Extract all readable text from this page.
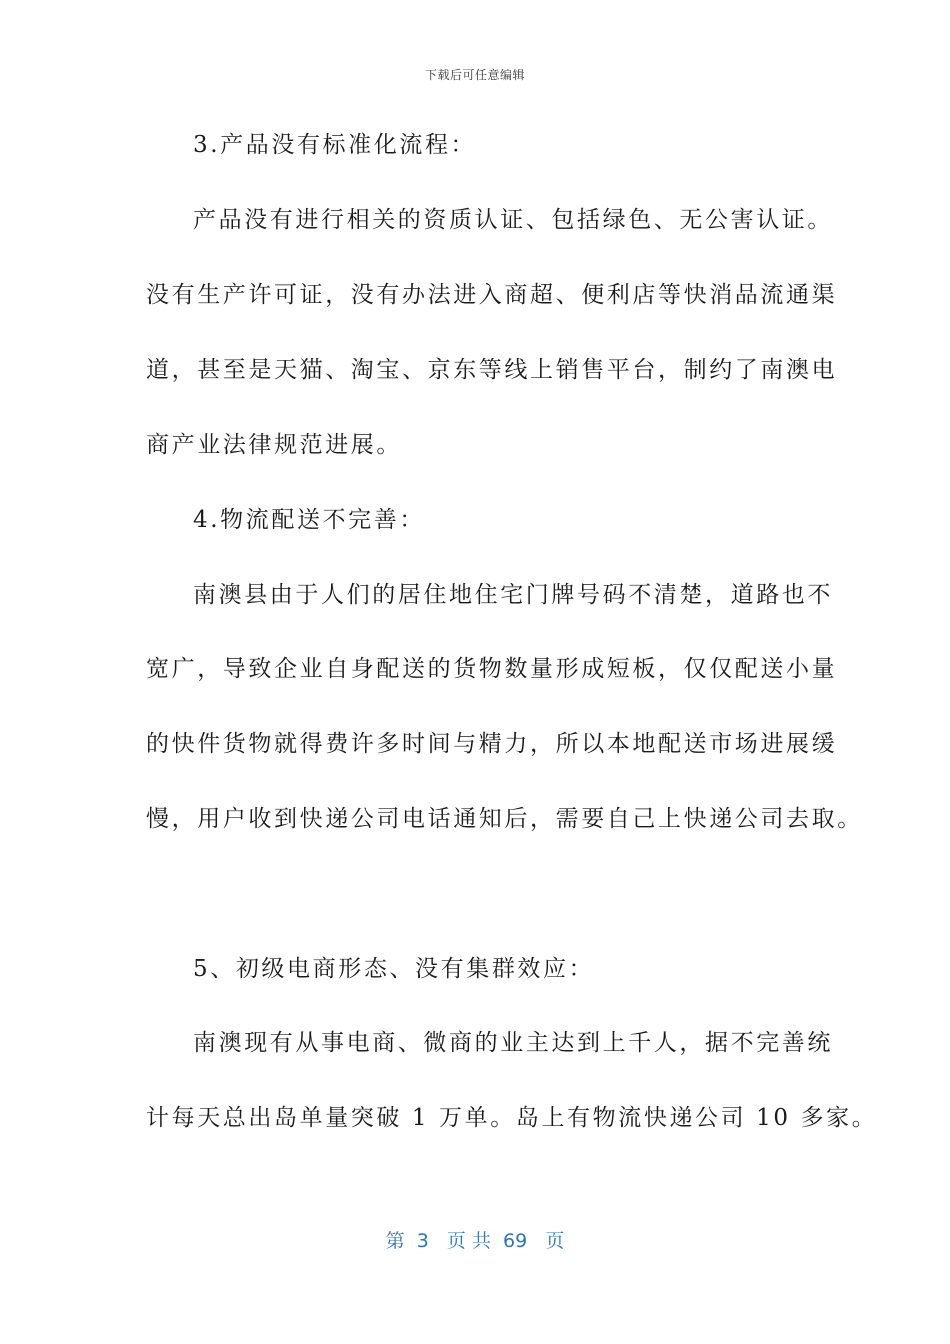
下载后可任意编辑
3.产品没有标准化流程：
产品没有进行相关的资质认证、包括绿色、无公害认证。
没有生产许可证，没有办法进入商超、便利店等快消品流通渠
道，甚至是天猫、淘宝、京东等线上销售平台，制约了南澳电
商产业法律规范进展。
4.物流配送不完善：
南澳县由于人们的居住地住宅门牌号码不清楚，道路也不
宽广，导致企业自身配送的货物数量形成短板，仅仅配送小量
的快件货物就得费许多时间与精力，所以本地配送市场进展缓
慢，用户收到快递公司电话通知后，需要自己上快递公司去取。
5、初级电商形态、没有集群效应：
南澳现有从事电商、微商的业主达到上千人，据不完善统
计每天总出岛单量突破 1 万单。岛上有物流快递公司 10 多家。
第  3   页 共  69   页
